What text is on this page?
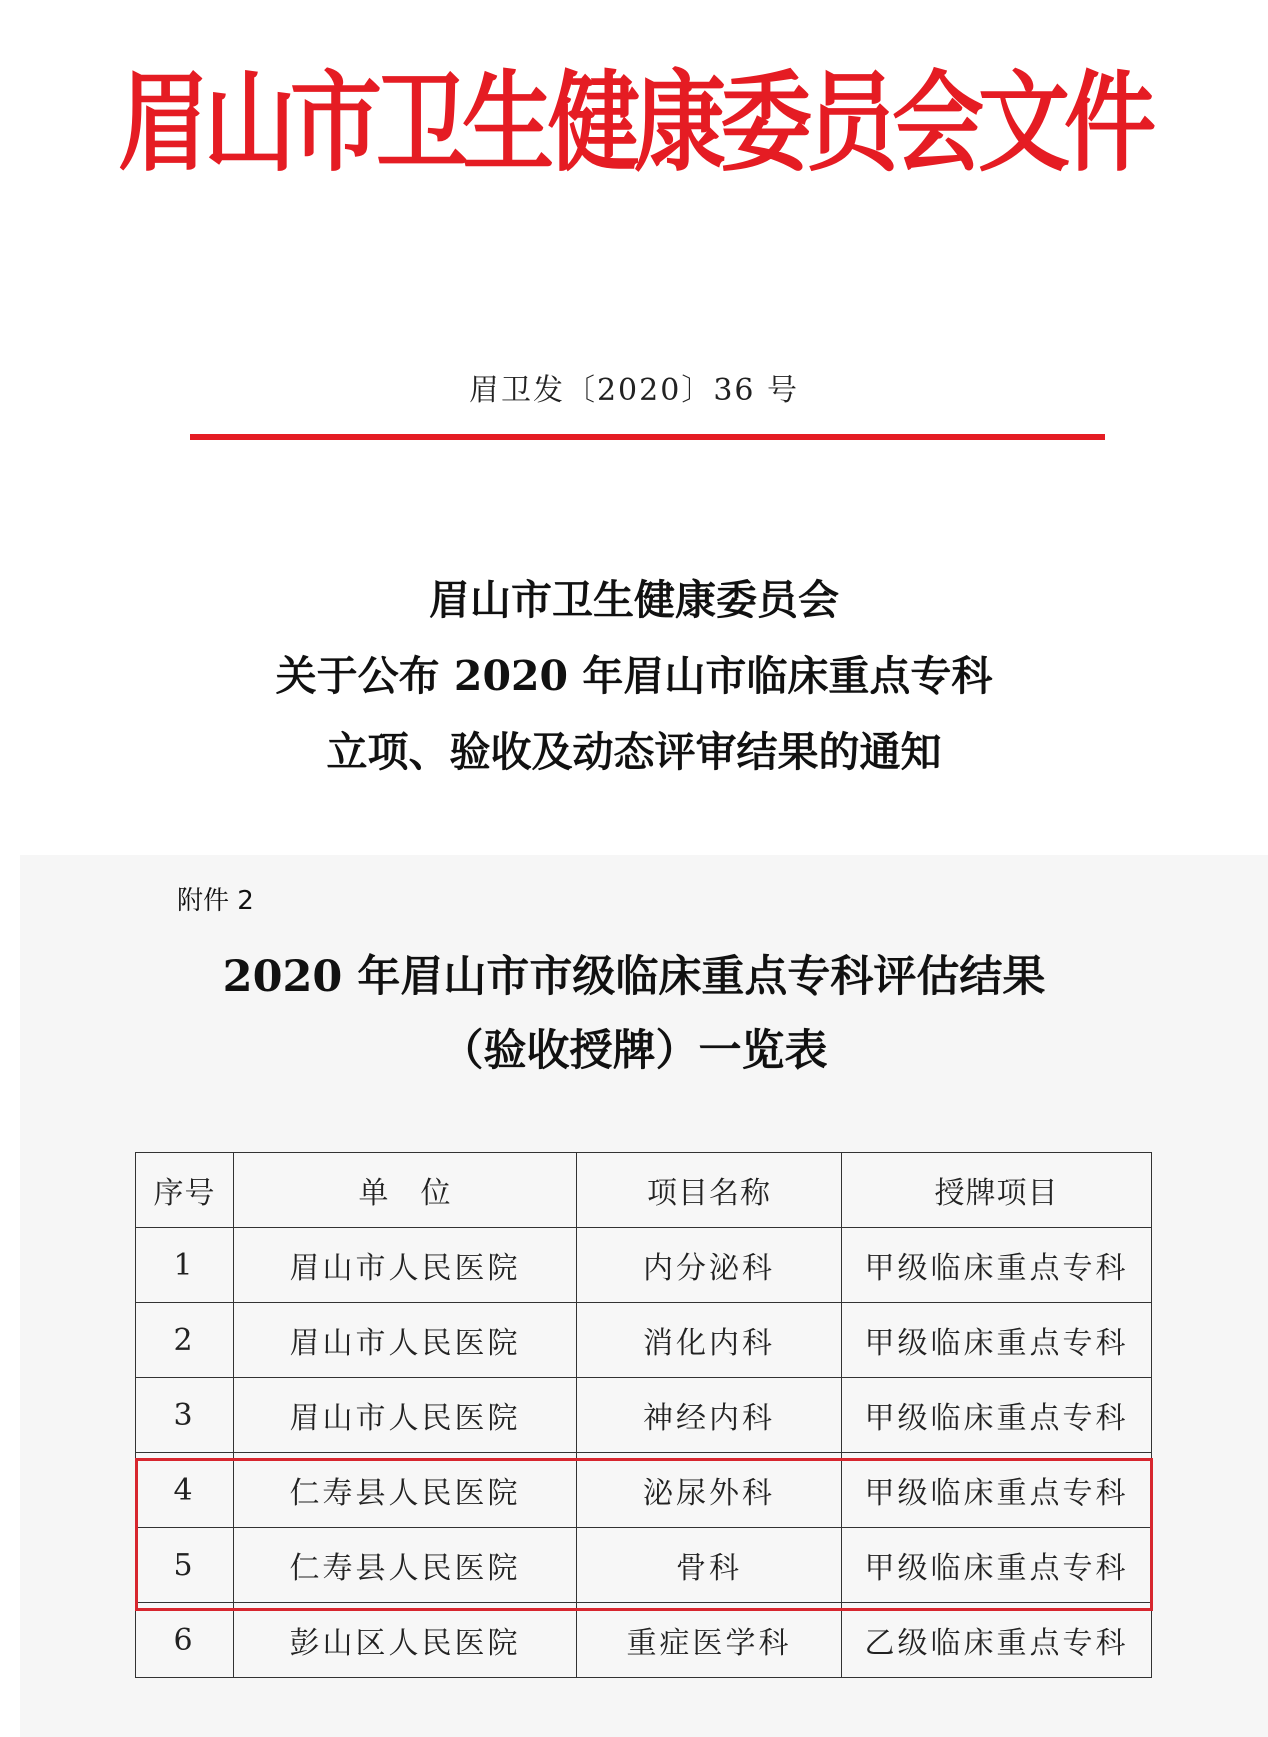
眉山市卫生健康委员会文件
眉卫发〔2020〕36 号
眉山市卫生健康委员会
关于公布 2020 年眉山市临床重点专科
立项、验收及动态评审结果的通知
附件 2
2020 年眉山市市级临床重点专科评估结果
（验收授牌）一览表
序号	单　位	项目名称	授牌项目
1	眉山市人民医院	内分泌科	甲级临床重点专科
2	眉山市人民医院	消化内科	甲级临床重点专科
3	眉山市人民医院	神经内科	甲级临床重点专科
4	仁寿县人民医院	泌尿外科	甲级临床重点专科
5	仁寿县人民医院	骨科	甲级临床重点专科
6	彭山区人民医院	重症医学科	乙级临床重点专科
